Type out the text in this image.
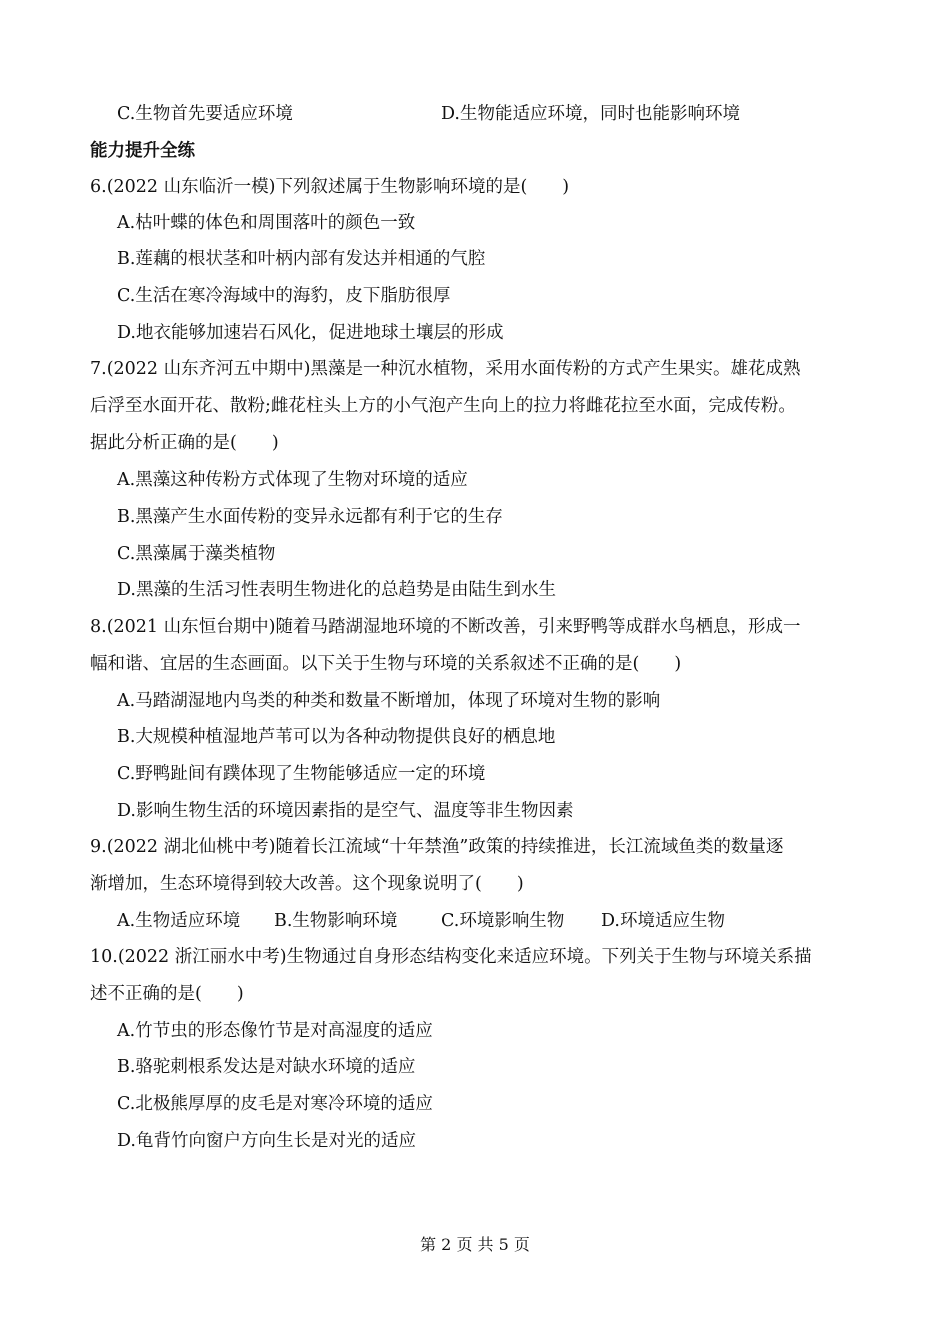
C.生物首先要适应环境	D.生物能适应环境，同时也能影响环境
能力提升全练
6.(2022 山东临沂一模)下列叙述属于生物影响环境的是(　　)
A.枯叶蝶的体色和周围落叶的颜色一致
B.莲藕的根状茎和叶柄内部有发达并相通的气腔
C.生活在寒冷海域中的海豹，皮下脂肪很厚
D.地衣能够加速岩石风化，促进地球土壤层的形成
7.(2022 山东齐河五中期中)黑藻是一种沉水植物，采用水面传粉的方式产生果实。雄花成熟
后浮至水面开花、散粉;雌花柱头上方的小气泡产生向上的拉力将雌花拉至水面，完成传粉。
据此分析正确的是(　　)
A.黑藻这种传粉方式体现了生物对环境的适应
B.黑藻产生水面传粉的变异永远都有利于它的生存
C.黑藻属于藻类植物
D.黑藻的生活习性表明生物进化的总趋势是由陆生到水生
8.(2021 山东恒台期中)随着马踏湖湿地环境的不断改善，引来野鸭等成群水鸟栖息，形成一
幅和谐、宜居的生态画面。以下关于生物与环境的关系叙述不正确的是(　　)
A.马踏湖湿地内鸟类的种类和数量不断增加，体现了环境对生物的影响
B.大规模种植湿地芦苇可以为各种动物提供良好的栖息地
C.野鸭趾间有蹼体现了生物能够适应一定的环境
D.影响生物生活的环境因素指的是空气、温度等非生物因素
9.(2022 湖北仙桃中考)随着长江流域“十年禁渔”政策的持续推进，长江流域鱼类的数量逐
渐增加，生态环境得到较大改善。这个现象说明了(　　)
A.生物适应环境 B.生物影响环境 C.环境影响生物 D.环境适应生物
10.(2022 浙江丽水中考)生物通过自身形态结构变化来适应环境。下列关于生物与环境关系描
述不正确的是(　　)
A.竹节虫的形态像竹节是对高湿度的适应
B.骆驼刺根系发达是对缺水环境的适应
C.北极熊厚厚的皮毛是对寒冷环境的适应
D.龟背竹向窗户方向生长是对光的适应
第 2 页 共 5 页
